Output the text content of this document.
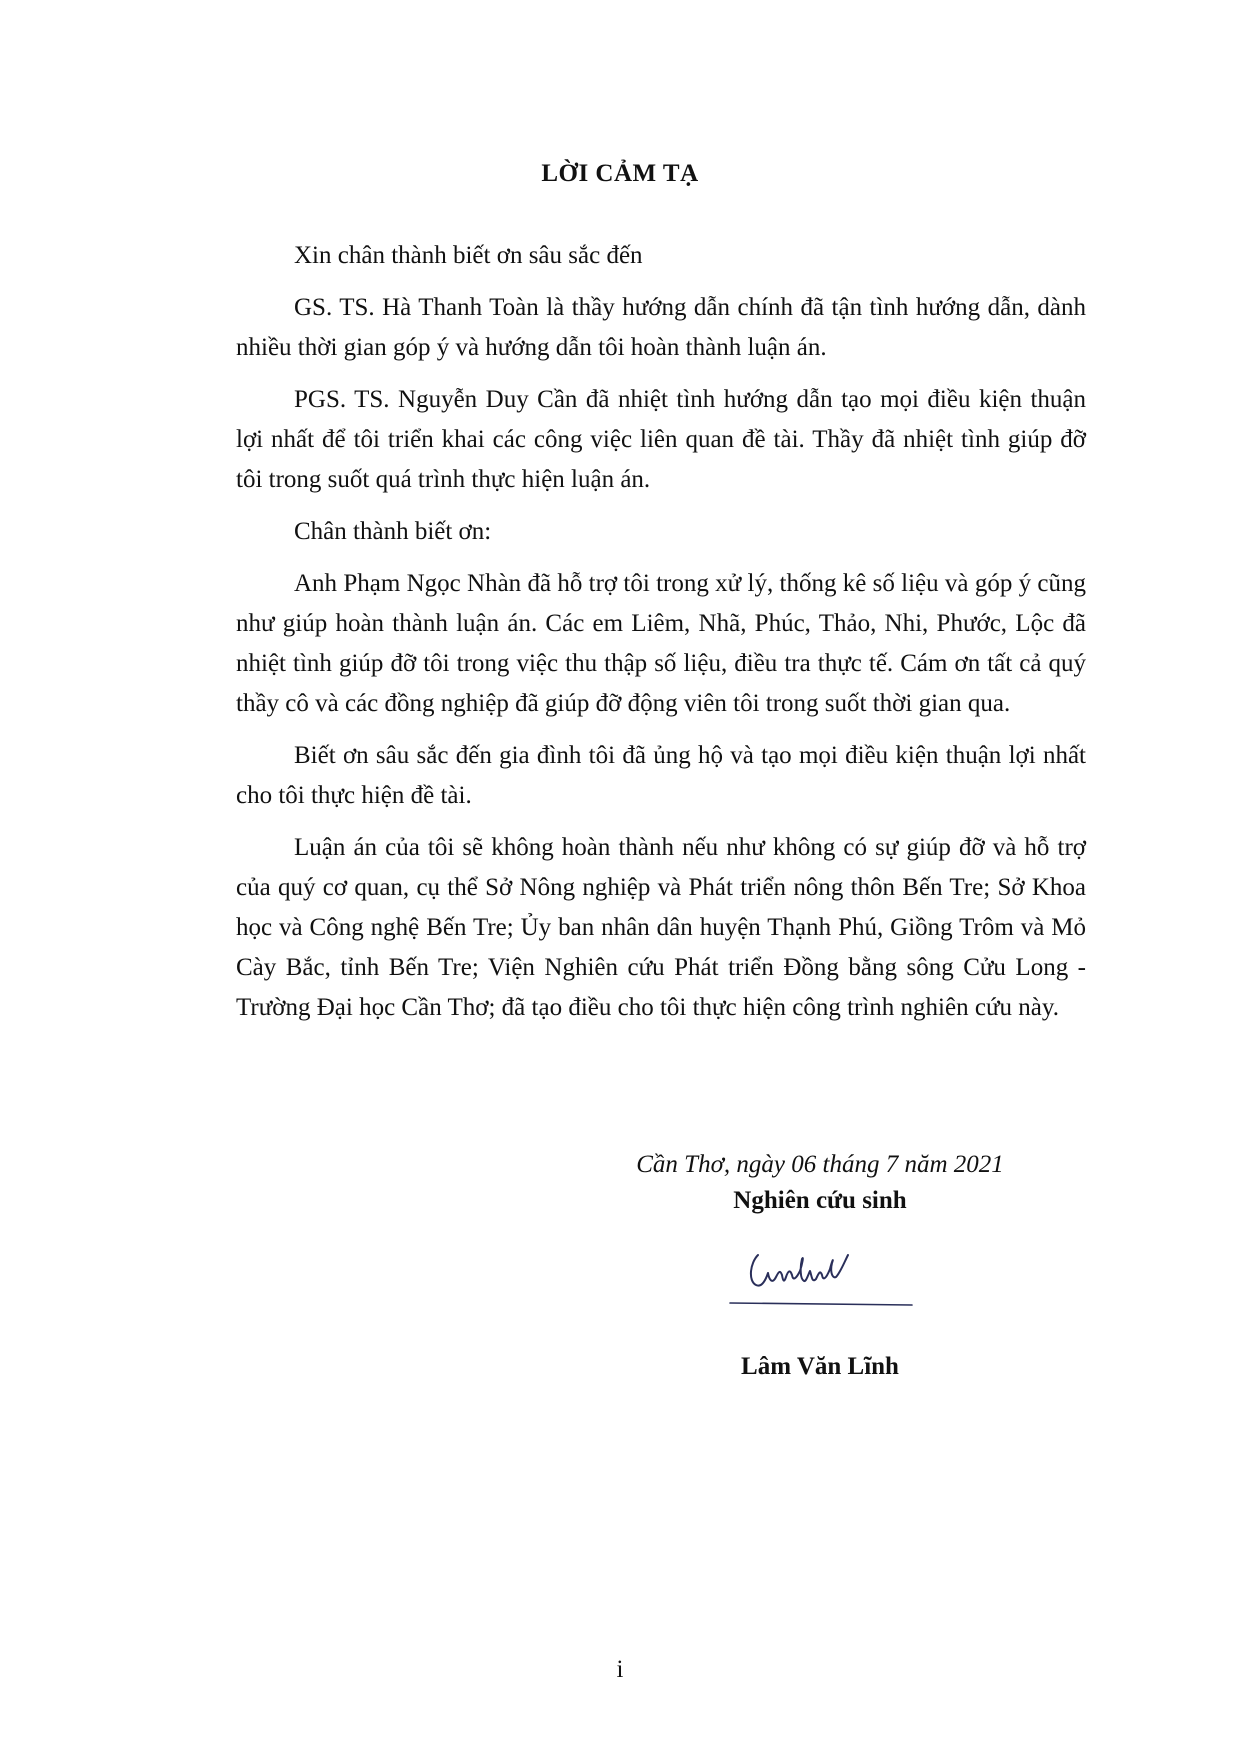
LỜI CẢM TẠ

Xin chân thành biết ơn sâu sắc đến

GS. TS. Hà Thanh Toàn là thầy hướng dẫn chính đã tận tình hướng dẫn, dành nhiều thời gian góp ý và hướng dẫn tôi hoàn thành luận án.

PGS. TS. Nguyễn Duy Cần đã nhiệt tình hướng dẫn tạo mọi điều kiện thuận lợi nhất để tôi triển khai các công việc liên quan đề tài. Thầy đã nhiệt tình giúp đỡ tôi trong suốt quá trình thực hiện luận án.

Chân thành biết ơn:

Anh Phạm Ngọc Nhàn đã hỗ trợ tôi trong xử lý, thống kê số liệu và góp ý cũng như giúp hoàn thành luận án. Các em Liêm, Nhã, Phúc, Thảo, Nhi, Phước, Lộc đã nhiệt tình giúp đỡ tôi trong việc thu thập số liệu, điều tra thực tế. Cám ơn tất cả quý thầy cô và các đồng nghiệp đã giúp đỡ động viên tôi trong suốt thời gian qua.

Biết ơn sâu sắc đến gia đình tôi đã ủng hộ và tạo mọi điều kiện thuận lợi nhất cho tôi thực hiện đề tài.

Luận án của tôi sẽ không hoàn thành nếu như không có sự giúp đỡ và hỗ trợ của quý cơ quan, cụ thể Sở Nông nghiệp và Phát triển nông thôn Bến Tre; Sở Khoa học và Công nghệ Bến Tre; Ủy ban nhân dân huyện Thạnh Phú, Giồng Trôm và Mỏ Cày Bắc, tỉnh Bến Tre; Viện Nghiên cứu Phát triển Đồng bằng sông Cửu Long - Trường Đại học Cần Thơ; đã tạo điều cho tôi thực hiện công trình nghiên cứu này.

Cần Thơ, ngày 06 tháng 7 năm 2021
Nghiên cứu sinh
Lâm Văn Lĩnh
i
